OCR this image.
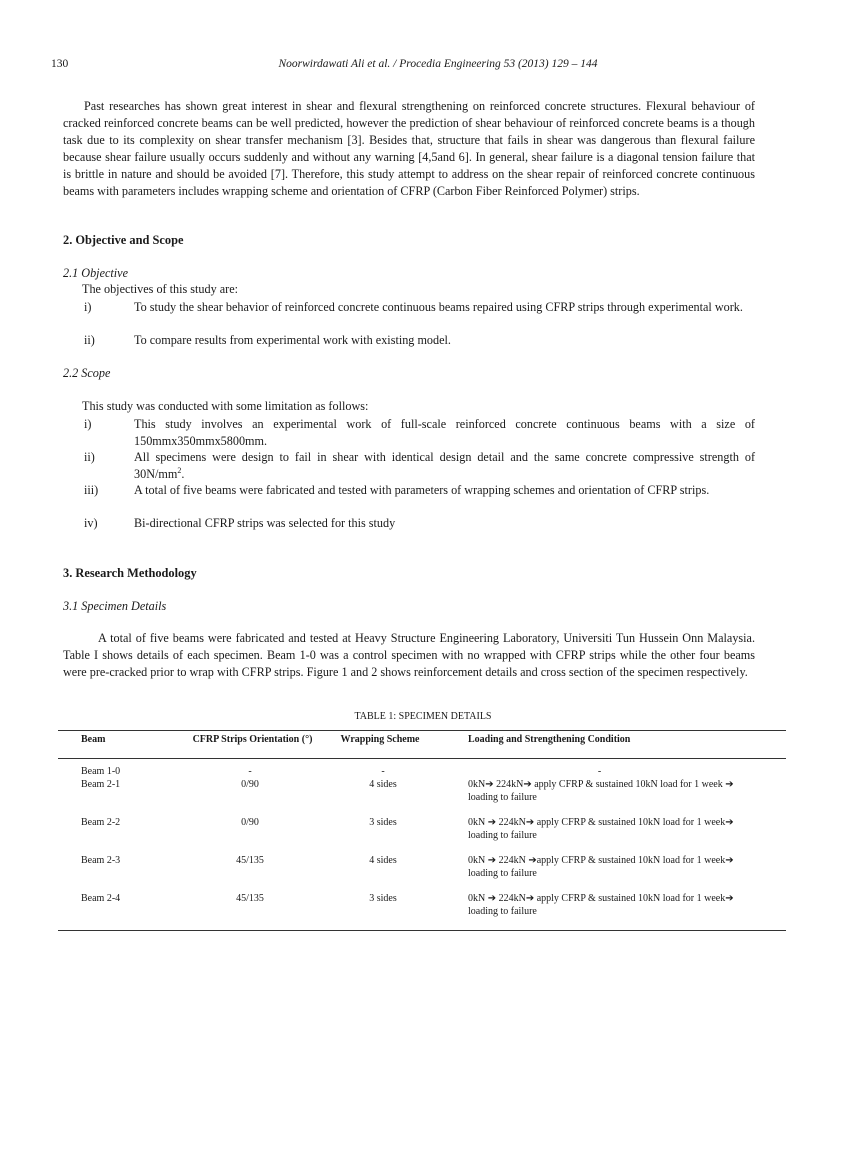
130	Noorwirdawati Ali et al. / Procedia Engineering 53 (2013) 129 – 144
Past researches has shown great interest in shear and flexural strengthening on reinforced concrete structures. Flexural behaviour of cracked reinforced concrete beams can be well predicted, however the prediction of shear behaviour of reinforced concrete beams is a though task due to its complexity on shear transfer mechanism [3]. Besides that, structure that fails in shear was dangerous than flexural failure because shear failure usually occurs suddenly and without any warning [4,5and 6]. In general, shear failure is a diagonal tension failure that is brittle in nature and should be avoided [7]. Therefore, this study attempt to address on the shear repair of reinforced concrete continuous beams with parameters includes wrapping scheme and orientation of CFRP (Carbon Fiber Reinforced Polymer) strips.
2. Objective and Scope
2.1 Objective
The objectives of this study are:
i)	To study the shear behavior of reinforced concrete continuous beams repaired using CFRP strips through experimental work.
ii)	To compare results from experimental work with existing model.
2.2 Scope
This study was conducted with some limitation as follows:
i)	This study involves an experimental work of full-scale reinforced concrete continuous beams with a size of 150mmx350mmx5800mm.
ii)	All specimens were design to fail in shear with identical design detail and the same concrete compressive strength of $30N/mm^2$.
iii)	A total of five beams were fabricated and tested with parameters of wrapping schemes and orientation of CFRP strips.
iv)	Bi-directional CFRP strips was selected for this study
3. Research Methodology
3.1 Specimen Details
A total of five beams were fabricated and tested at Heavy Structure Engineering Laboratory, Universiti Tun Hussein Onn Malaysia. Table I shows details of each specimen. Beam 1-0 was a control specimen with no wrapped with CFRP strips while the other four beams were pre-cracked prior to wrap with CFRP strips. Figure 1 and 2 shows reinforcement details and cross section of the specimen respectively.
TABLE 1: SPECIMEN DETAILS
Beam	CFRP Strips Orientation (°)	Wrapping Scheme	Loading and Strengthening Condition
Beam 1-0	-	-	-
Beam 2-1	0/90	4 sides	0kN➔ 224kN➔ apply CFRP & sustained 10kN load for 1 week ➔
loading to failure
Beam 2-2	0/90	3 sides	0kN ➔ 224kN➔ apply CFRP & sustained 10kN load for 1 week➔
loading to failure
Beam 2-3	45/135	4 sides	0kN ➔ 224kN ➔apply CFRP & sustained 10kN load for 1 week➔
loading to failure
Beam 2-4	45/135	3 sides	0kN ➔ 224kN➔ apply CFRP & sustained 10kN load for 1 week➔
loading to failure
